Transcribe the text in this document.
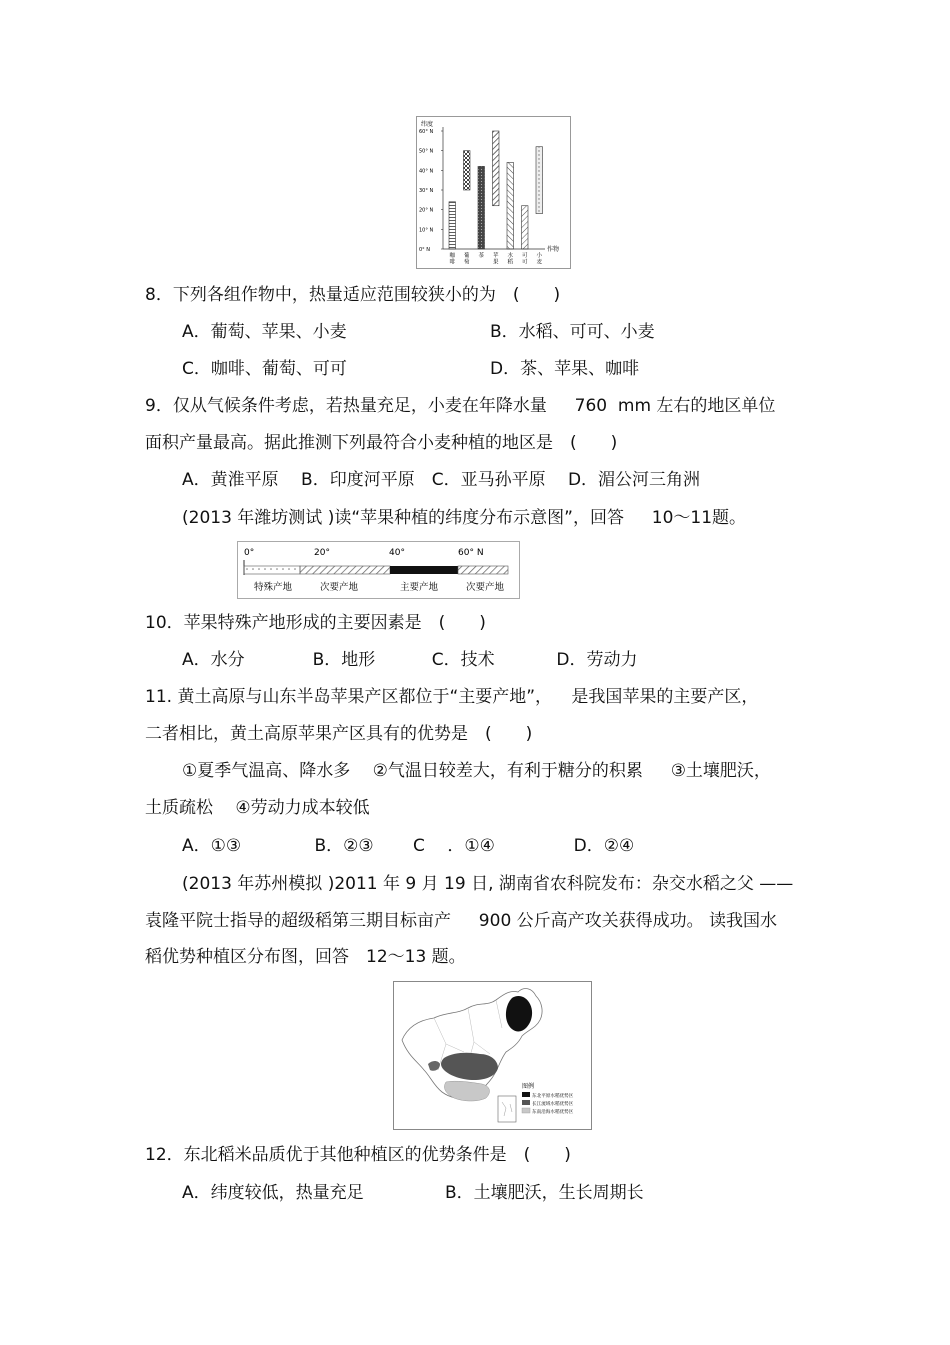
纬度
60° N
50° N
40° N
30° N
20° N
10° N
0° N	作物
咖
啡
葡
萄
茶 苹
果
水
稻
可
可
小
麦
8．下列各组作物中，热量适应范围较狭小的为　(　　)
A．葡萄、苹果、小麦	B．水稻、可可、小麦
C．咖啡、葡萄、可可	D．茶、苹果、咖啡
9．仅从气候条件考虑，若热量充足，小麦在年降水量　  760  mm 左右的地区单位
面积产量最高。据此推测下列最符合小麦种植的地区是　(　　)
A．黄淮平原　 B．印度河平原　C．亚马孙平原　 D．湄公河三角洲
(2013 年潍坊测试 )读“苹果种植的纬度分布示意图”，回答　  10～11题。
0°	20°	40°	60° N
特殊产地	次要产地	主要产地	次要产地
10．苹果特殊产地形成的主要因素是　(　　)
A．水分　　　　B．地形　　　 C．技术　　　  D．劳动力
11. 黄土高原与山东半岛苹果产区都位于“主要产地”，　  是我国苹果的主要产区，
二者相比，黄土高原苹果产区具有的优势是　(　　)
①夏季气温高、降水多　 ②气温日较差大，有利于糖分的积累　  ③土壤肥沃，
土质疏松　 ④劳动力成本较低
A．①③　　　　 B．②③　　 C　 ．①④　　　　  D．②④
(2013 年苏州模拟 )2011 年 9 月 19 日, 湖南省农科院发布：杂交水稻之父 ——
袁隆平院士指导的超级稻第三期目标亩产　  900 公斤高产攻关获得成功。 读我国水
稻优势种植区分布图，回答　12～13 题。
图例
东北平原水稻优势区
长江流域水稻优势区
东南沿海水稻优势区
12．东北稻米品质优于其他种植区的优势条件是　(　　)
A．纬度较低，热量充足	B．土壤肥沃，生长周期长
